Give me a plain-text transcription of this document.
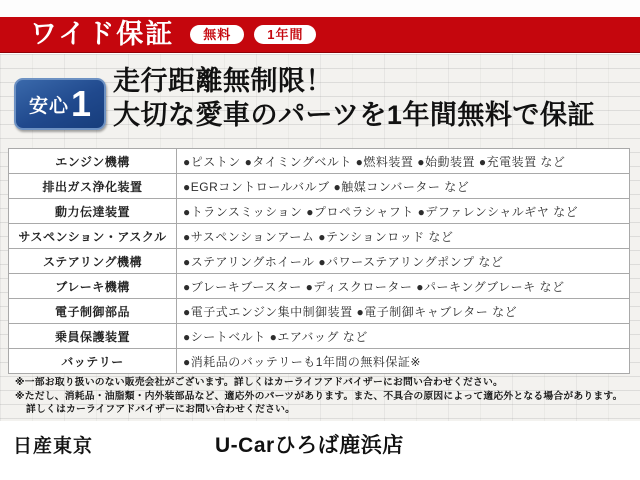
ワイド保証	無料	1年間
安心 1
走行距離無制限！
大切な愛車のパーツを1年間無料で保証
エンジン機構	●ピストン ●タイミングベルト ●燃料装置 ●始動装置 ●充電装置 など
排出ガス浄化装置	●EGRコントロールバルブ ●触媒コンバーター など
動力伝達装置	●トランスミッション ●プロペラシャフト ●デファレンシャルギヤ など
サスペンション・アスクル	●サスペンションアーム ●テンションロッド など
ステアリング機構	●ステアリングホイール ●パワーステアリングポンプ など
ブレーキ機構	●ブレーキブースター ●ディスクローター ●パーキングブレーキ など
電子制御部品	●電子式エンジン集中制御装置 ●電子制御キャブレター など
乗員保護装置	●シートベルト ●エアバッグ など
バッテリー	●消耗品のバッテリーも1年間の無料保証※
※一部お取り扱いのない販売会社がございます。詳しくはカーライフアドバイザーにお問い合わせください。
※ただし、消耗品・油脂類・内外装部品など、適応外のパーツがあります。また、不具合の原因によって適応外となる場合があります。
詳しくはカーライフアドバイザーにお問い合わせください。
日産東京	U-Carひろば鹿浜店
